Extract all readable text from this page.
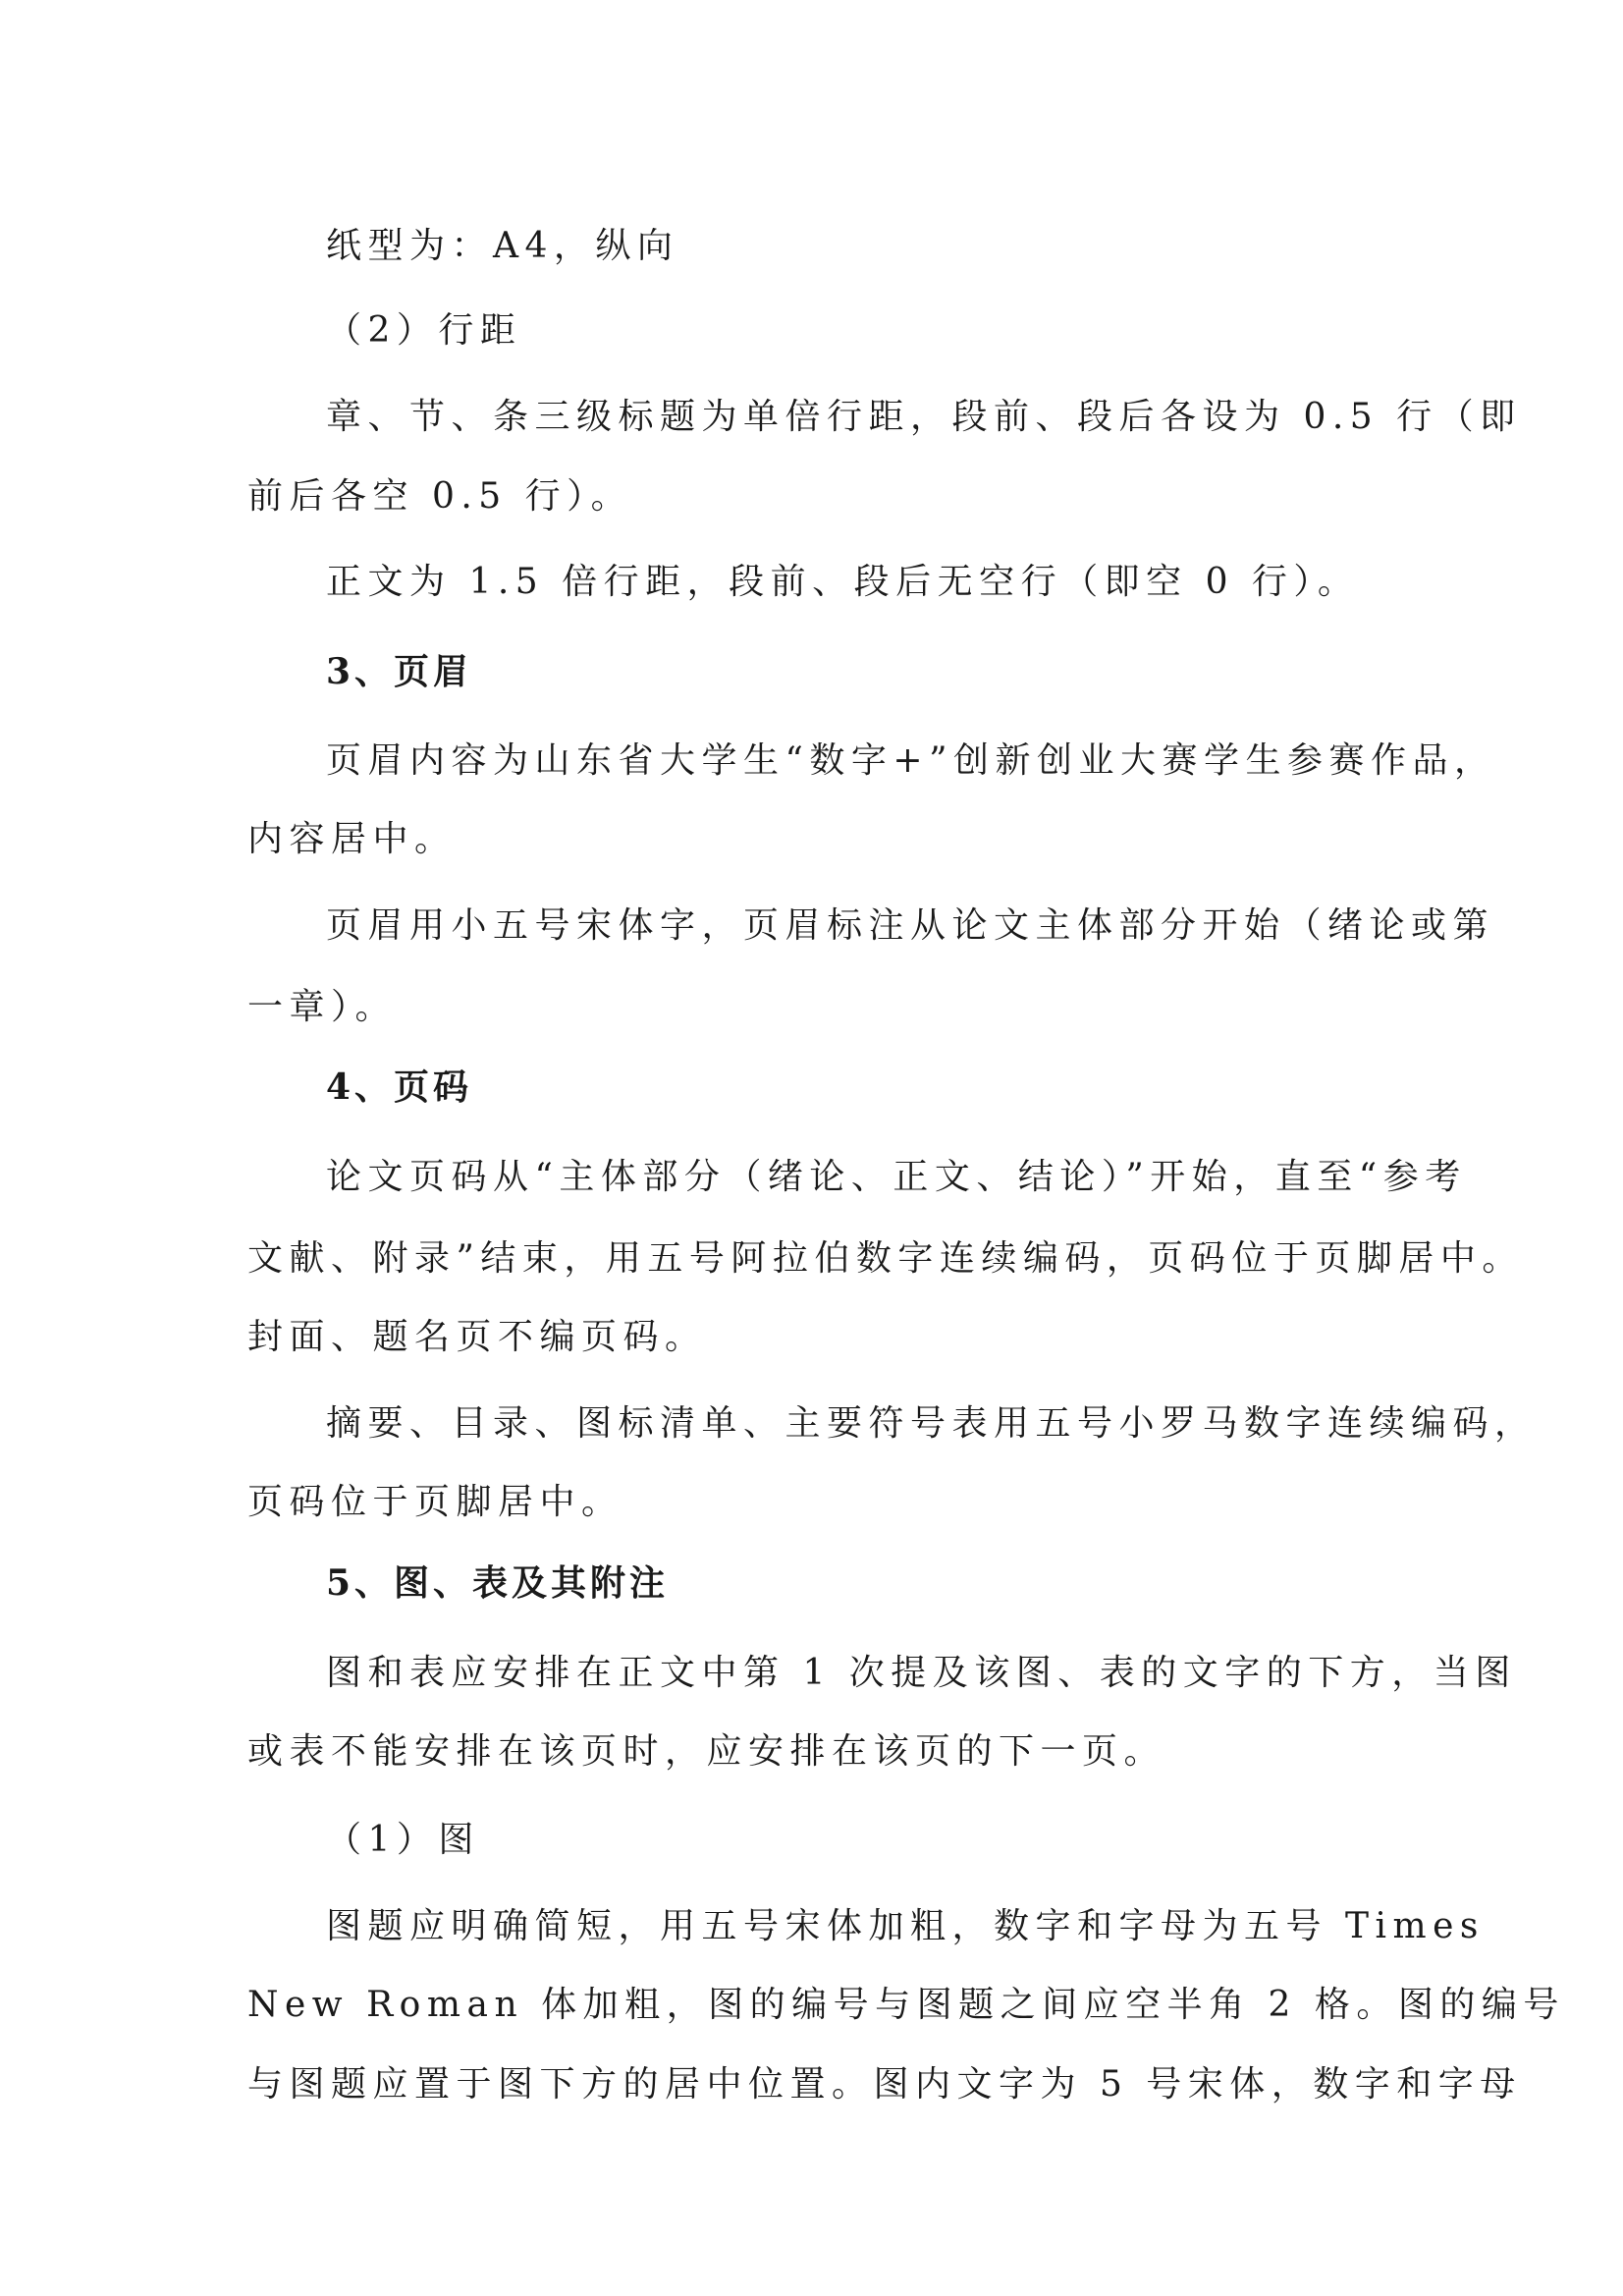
纸型为：A4，纵向
（2）行距
章、节、条三级标题为单倍行距，段前、段后各设为 0.5 行（即
前后各空 0.5 行）。
正文为 1.5 倍行距，段前、段后无空行（即空 0 行）。
3、页眉
页眉内容为山东省大学生“数字+”创新创业大赛学生参赛作品，
内容居中。
页眉用小五号宋体字，页眉标注从论文主体部分开始（绪论或第
一章）。
4、页码
论文页码从“主体部分（绪论、正文、结论）”开始，直至“参考
文献、附录”结束，用五号阿拉伯数字连续编码，页码位于页脚居中。
封面、题名页不编页码。
摘要、目录、图标清单、主要符号表用五号小罗马数字连续编码，
页码位于页脚居中。
5、图、表及其附注
图和表应安排在正文中第 1 次提及该图、表的文字的下方，当图
或表不能安排在该页时，应安排在该页的下一页。
（1）图
图题应明确简短，用五号宋体加粗，数字和字母为五号 Times
New Roman 体加粗，图的编号与图题之间应空半角 2 格。图的编号
与图题应置于图下方的居中位置。图内文字为 5 号宋体，数字和字母
